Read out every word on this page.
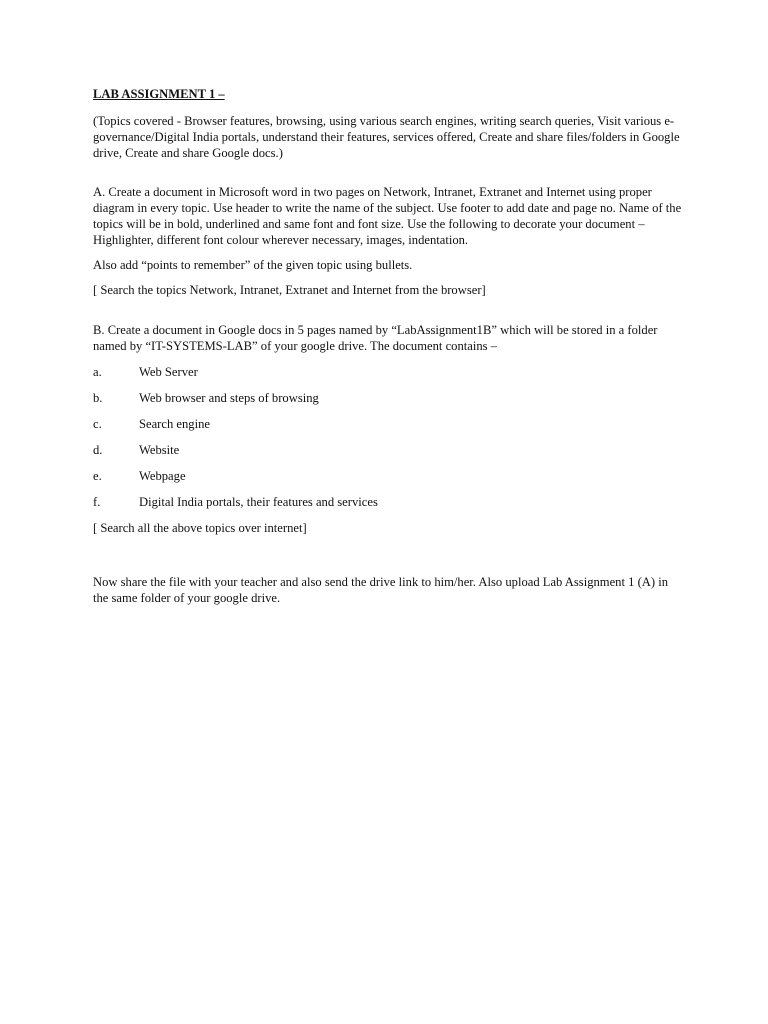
LAB ASSIGNMENT 1 –

(Topics covered - Browser features, browsing, using various search engines, writing search queries, Visit various e-governance/Digital India portals, understand their features, services offered, Create and share files/folders in Google drive, Create and share Google docs.)

A. Create a document in Microsoft word in two pages on Network, Intranet, Extranet and Internet using proper diagram in every topic. Use header to write the name of the subject. Use footer to add date and page no. Name of the topics will be in bold, underlined and same font and font size. Use the following to decorate your document – Highlighter, different font colour wherever necessary, images, indentation.

Also add “points to remember” of the given topic using bullets.

[ Search the topics Network, Intranet, Extranet and Internet from the browser]

B. Create a document in Google docs in 5 pages named by “LabAssignment1B” which will be stored in a folder named by “IT-SYSTEMS-LAB” of your google drive. The document contains –

a.	Web Server
b.	Web browser and steps of browsing
c.	Search engine
d.	Website
e.	Webpage
f.	Digital India portals, their features and services

[ Search all the above topics over internet]

Now share the file with your teacher and also send the drive link to him/her. Also upload Lab Assignment 1 (A) in the same folder of your google drive.
